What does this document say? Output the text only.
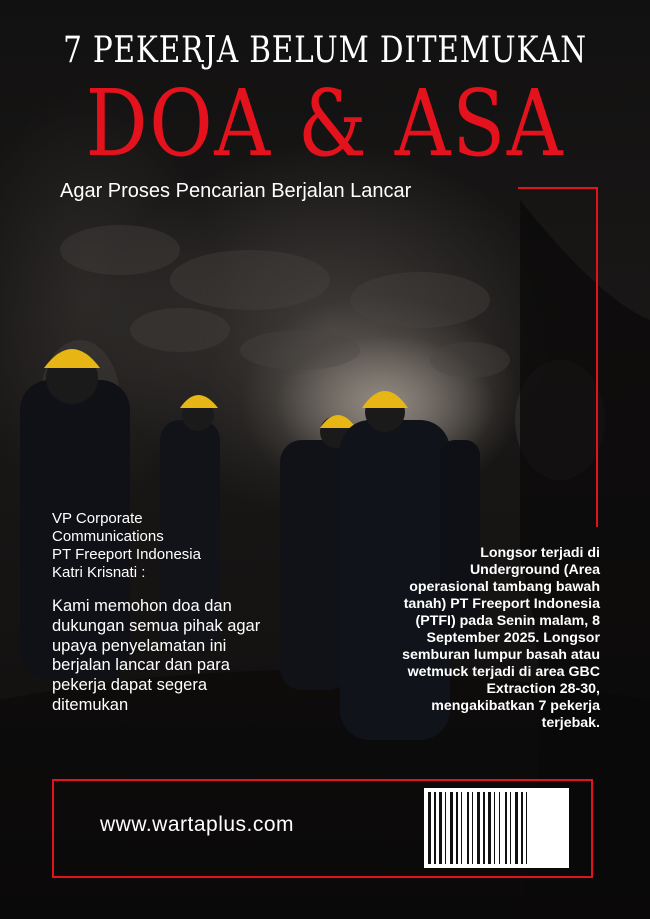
7 PEKERJA BELUM DITEMUKAN
DOA & ASA
Agar Proses Pencarian Berjalan Lancar
VP Corporate
Communications
PT Freeport Indonesia
Katri Krisnati :
Kami memohon doa dan dukungan semua pihak agar upaya penyelamatan ini berjalan lancar dan para pekerja dapat segera ditemukan
Longsor terjadi di Underground (Area operasional tambang bawah tanah) PT Freeport Indonesia (PTFI) pada Senin malam, 8 September 2025. Longsor semburan lumpur basah atau wetmuck terjadi di area GBC Extraction 28-30, mengakibatkan 7 pekerja terjebak.
www.wartaplus.com
